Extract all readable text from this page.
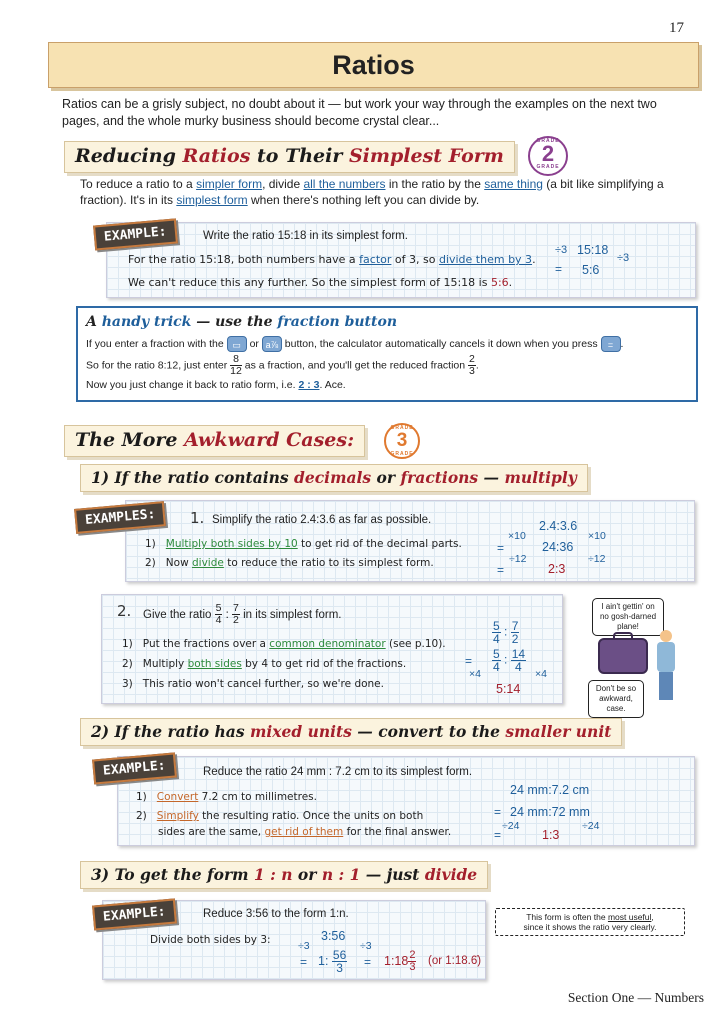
17
Ratios
Ratios can be a grisly subject, no doubt about it — but work your way through the examples on the next two pages, and the whole murky business should become crystal clear...
Reducing Ratios to Their Simplest Form
GRADE
2
GRADE
To reduce a ratio to a simpler form, divide all the numbers in the ratio by the same thing (a bit like simplifying a fraction). It's in its simplest form when there's nothing left you can divide by.
EXAMPLE:	Write the ratio 15:18 in its simplest form.
For the ratio 15:18, both numbers have a factor of 3, so divide them by 3.
We can't reduce this any further. So the simplest form of 15:18 is 5:6.
÷3 15:18
÷3
= 5:6
A handy trick — use the fraction button
If you enter a fraction with the ▭ or a⅞ button, the calculator automatically cancels it down when you press = .
So for the ratio 8:12, just enter $\frac{8}{12}$ as a fraction, and you'll get the reduced fraction $\frac{2}{3}$ .
Now you just change it back to ratio form, i.e. 2 : 3. Ace.
The More Awkward Cases:
GRADE
3
GRADE
1) If the ratio contains decimals or fractions — multiply
EXAMPLES:	1. Simplify the ratio 2.4:3.6 as far as possible.
1) Multiply both sides by 10 to get rid of the decimal parts.
2) Now divide to reduce the ratio to its simplest form.
×10
2.4:3.6
×10
=	24:36
÷12	÷12
=	2:3
2. Give the ratio $\frac{5}{4}$ : $\frac{7}{2}$ in its simplest form.
1) Put the fractions over a common denominator (see p.10).
2) Multiply both sides by 4 to get rid of the fractions.
3) This ratio won't cancel further, so we're done.
$\frac{5}{4}$ : $\frac{7}{2}$
= $\frac{5}{4}$ : $\frac{14}{4}$
×4	×4
5:14
I ain't gettin' on no gosh-darned plane!
Don't be so awkward, case.
2) If the ratio has mixed units — convert to the smaller unit
EXAMPLE:	Reduce the ratio 24 mm : 7.2 cm to its simplest form.
1) Convert 7.2 cm to millimetres.
2) Simplify the resulting ratio. Once the units on both
sides are the same, get rid of them for the final answer.
24 mm:7.2 cm
= 24 mm:72 mm
÷24	÷24
=	1:3
3) To get the form 1 : n or n : 1 — just divide
EXAMPLE:	Reduce 3:56 to the form 1:n.
Divide both sides by 3:
This form is often the most useful,
since it shows the ratio very clearly.
÷3
3:56
÷3
= 1: $\frac{56}{3}$ = 1:18 $\frac{2}{3} (or$ 1:18.6̇)
Section One — Numbers
